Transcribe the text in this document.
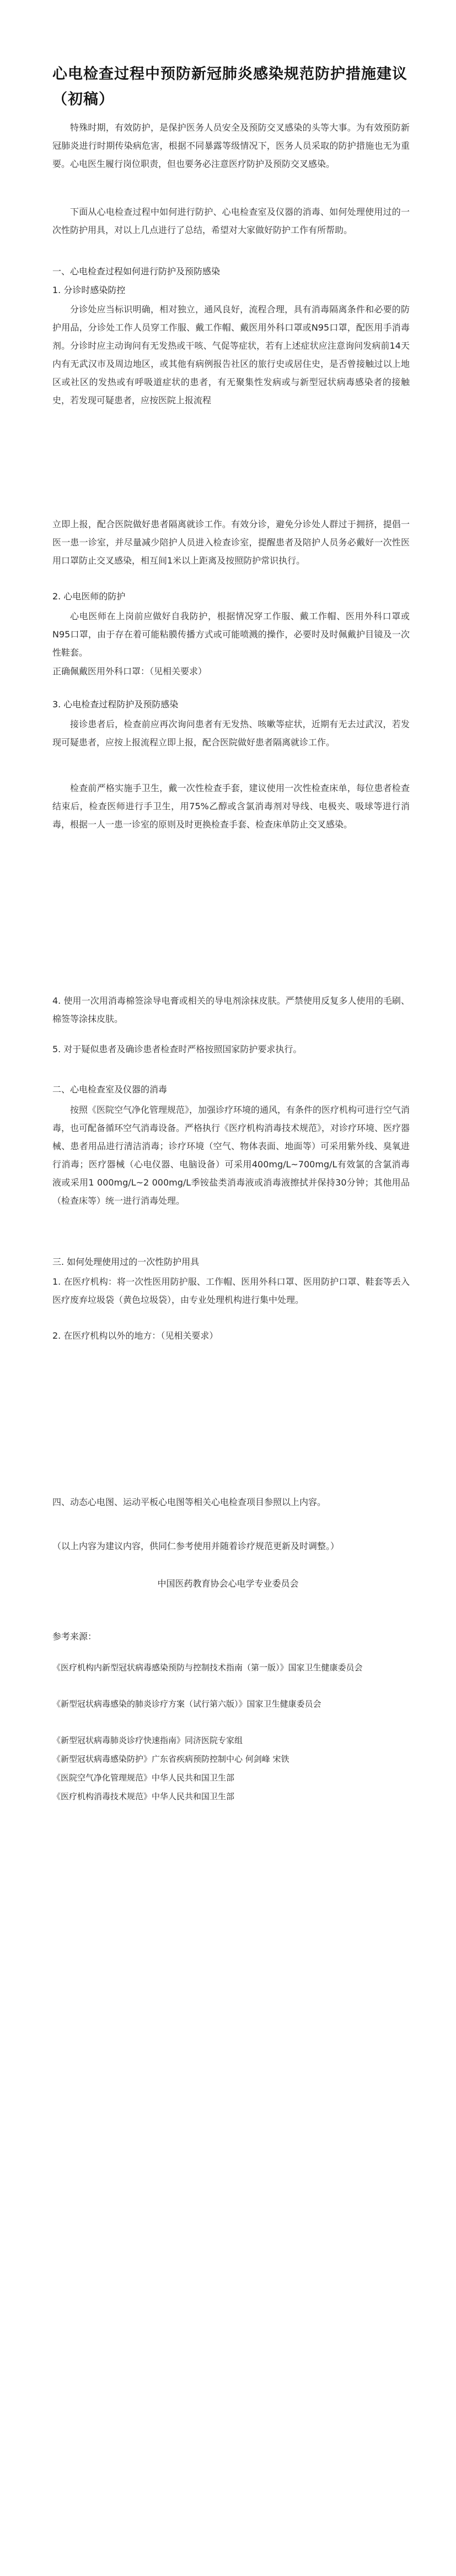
心电检查过程中预防新冠肺炎感染规范防护措施建议（初稿）
特殊时期，有效防护，是保护医务人员安全及预防交叉感染的头等大事。为有效预防新冠肺炎进行时期传染病危害，根据不同暴露等级情况下，医务人员采取的防护措施也无为重要。心电医生履行岗位职责，但也要务必注意医疗防护及预防交叉感染。
下面从心电检查过程中如何进行防护、心电检查室及仪器的消毒、如何处理使用过的一次性防护用具，对以上几点进行了总结，希望对大家做好防护工作有所帮助。
一、心电检查过程如何进行防护及预防感染
1. 分诊时感染防控
分诊处应当标识明确，相对独立，通风良好，流程合理，具有消毒隔离条件和必要的防护用品，分诊处工作人员穿工作服、戴工作帽、戴医用外科口罩或N95口罩，配医用手消毒剂。分诊时应主动询问有无发热或干咳、气促等症状，若有上述症状应注意询问发病前14天内有无武汉市及周边地区，或其他有病例报告社区的旅行史或居住史，是否曾接触过以上地区或社区的发热或有呼吸道症状的患者，有无聚集性发病或与新型冠状病毒感染者的接触史，若发现可疑患者，应按医院上报流程
立即上报，配合医院做好患者隔离就诊工作。有效分诊，避免分诊处人群过于拥挤，提倡一医一患一诊室，并尽量减少陪护人员进入检查诊室，提醒患者及陪护人员务必戴好一次性医用口罩防止交叉感染，相互间1米以上距离及按照防护常识执行。
2. 心电医师的防护
心电医师在上岗前应做好自我防护，根据情况穿工作服、戴工作帽、医用外科口罩或N95口罩，由于存在着可能粘膜传播方式或可能喷溅的操作，必要时及时佩戴护目镜及一次性鞋套。
正确佩戴医用外科口罩：（见相关要求）
3. 心电检查过程防护及预防感染
接诊患者后，检查前应再次询问患者有无发热、咳嗽等症状，近期有无去过武汉，若发现可疑患者，应按上报流程立即上报，配合医院做好患者隔离就诊工作。
检查前严格实施手卫生，戴一次性检查手套，建议使用一次性检查床单，每位患者检查结束后，检查医师进行手卫生，用75%乙醇或含氯消毒剂对导线、电极夹、吸球等进行消毒，根据一人一患一诊室的原则及时更换检查手套、检查床单防止交叉感染。
4. 使用一次用消毒棉签涂导电膏或相关的导电剂涂抹皮肤。严禁使用反复多人使用的毛刷、棉签等涂抹皮肤。
5. 对于疑似患者及确诊患者检查时严格按照国家防护要求执行。
二、心电检查室及仪器的消毒
按照《医院空气净化管理规范》，加强诊疗环境的通风，有条件的医疗机构可进行空气消毒，也可配备循环空气消毒设备。严格执行《医疗机构消毒技术规范》，对诊疗环境、医疗器械、患者用品进行清洁消毒；诊疗环境（空气、物体表面、地面等）可采用紫外线、臭氧进行消毒；医疗器械（心电仪器、电脑设备）可采用400mg/L~700mg/L有效氯的含氯消毒液或采用1 000mg/L~2 000mg/L季铵盐类消毒液或消毒液擦拭并保持30分钟；其他用品（检查床等）统一进行消毒处理。
三. 如何处理使用过的一次性防护用具
1. 在医疗机构：将一次性医用防护服、工作帽、医用外科口罩、医用防护口罩、鞋套等丢入医疗废弃垃圾袋（黄色垃圾袋），由专业处理机构进行集中处理。
2. 在医疗机构以外的地方：（见相关要求）
四、动态心电图、运动平板心电图等相关心电检查项目参照以上内容。
（以上内容为建议内容，供同仁参考使用并随着诊疗规范更新及时调整。）
中国医药教育协会心电学专业委员会
参考来源：
《医疗机构内新型冠状病毒感染预防与控制技术指南（第一版）》国家卫生健康委员会
《新型冠状病毒感染的肺炎诊疗方案（试行第六版）》国家卫生健康委员会
《新型冠状病毒肺炎诊疗快速指南》同济医院专家组
《新型冠状病毒感染防护》广东省疾病预防控制中心 何剑峰 宋铁
《医院空气净化管理规范》中华人民共和国卫生部
《医疗机构消毒技术规范》中华人民共和国卫生部
